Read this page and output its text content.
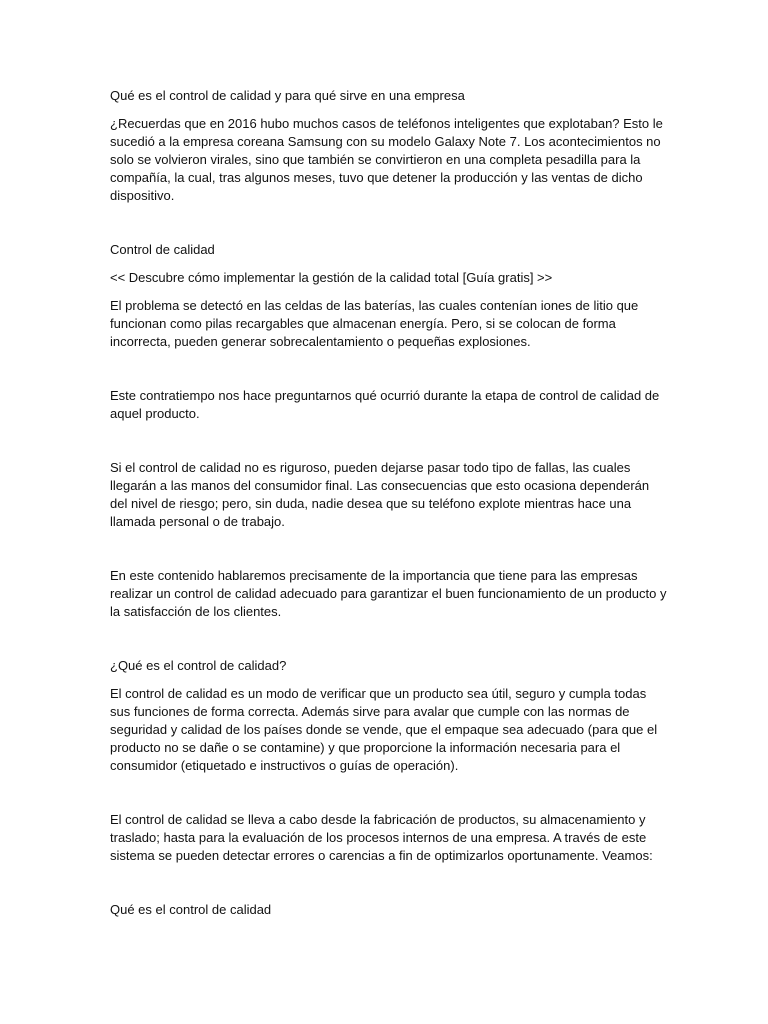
Qué es el control de calidad y para qué sirve en una empresa

¿Recuerdas que en 2016 hubo muchos casos de teléfonos inteligentes que explotaban? Esto le sucedió a la empresa coreana Samsung con su modelo Galaxy Note 7. Los acontecimientos no solo se volvieron virales, sino que también se convirtieron en una completa pesadilla para la compañía, la cual, tras algunos meses, tuvo que detener la producción y las ventas de dicho dispositivo.

Control de calidad

<< Descubre cómo implementar la gestión de la calidad total [Guía gratis] >>

El problema se detectó en las celdas de las baterías, las cuales contenían iones de litio que funcionan como pilas recargables que almacenan energía. Pero, si se colocan de forma incorrecta, pueden generar sobrecalentamiento o pequeñas explosiones.

Este contratiempo nos hace preguntarnos qué ocurrió durante la etapa de control de calidad de aquel producto.

Si el control de calidad no es riguroso, pueden dejarse pasar todo tipo de fallas, las cuales llegarán a las manos del consumidor final. Las consecuencias que esto ocasiona dependerán del nivel de riesgo; pero, sin duda, nadie desea que su teléfono explote mientras hace una llamada personal o de trabajo.

En este contenido hablaremos precisamente de la importancia que tiene para las empresas realizar un control de calidad adecuado para garantizar el buen funcionamiento de un producto y la satisfacción de los clientes.

¿Qué es el control de calidad?

El control de calidad es un modo de verificar que un producto sea útil, seguro y cumpla todas sus funciones de forma correcta. Además sirve para avalar que cumple con las normas de seguridad y calidad de los países donde se vende, que el empaque sea adecuado (para que el producto no se dañe o se contamine) y que proporcione la información necesaria para el consumidor (etiquetado e instructivos o guías de operación).

El control de calidad se lleva a cabo desde la fabricación de productos, su almacenamiento y traslado; hasta para la evaluación de los procesos internos de una empresa. A través de este sistema se pueden detectar errores o carencias a fin de optimizarlos oportunamente. Veamos:

Qué es el control de calidad
